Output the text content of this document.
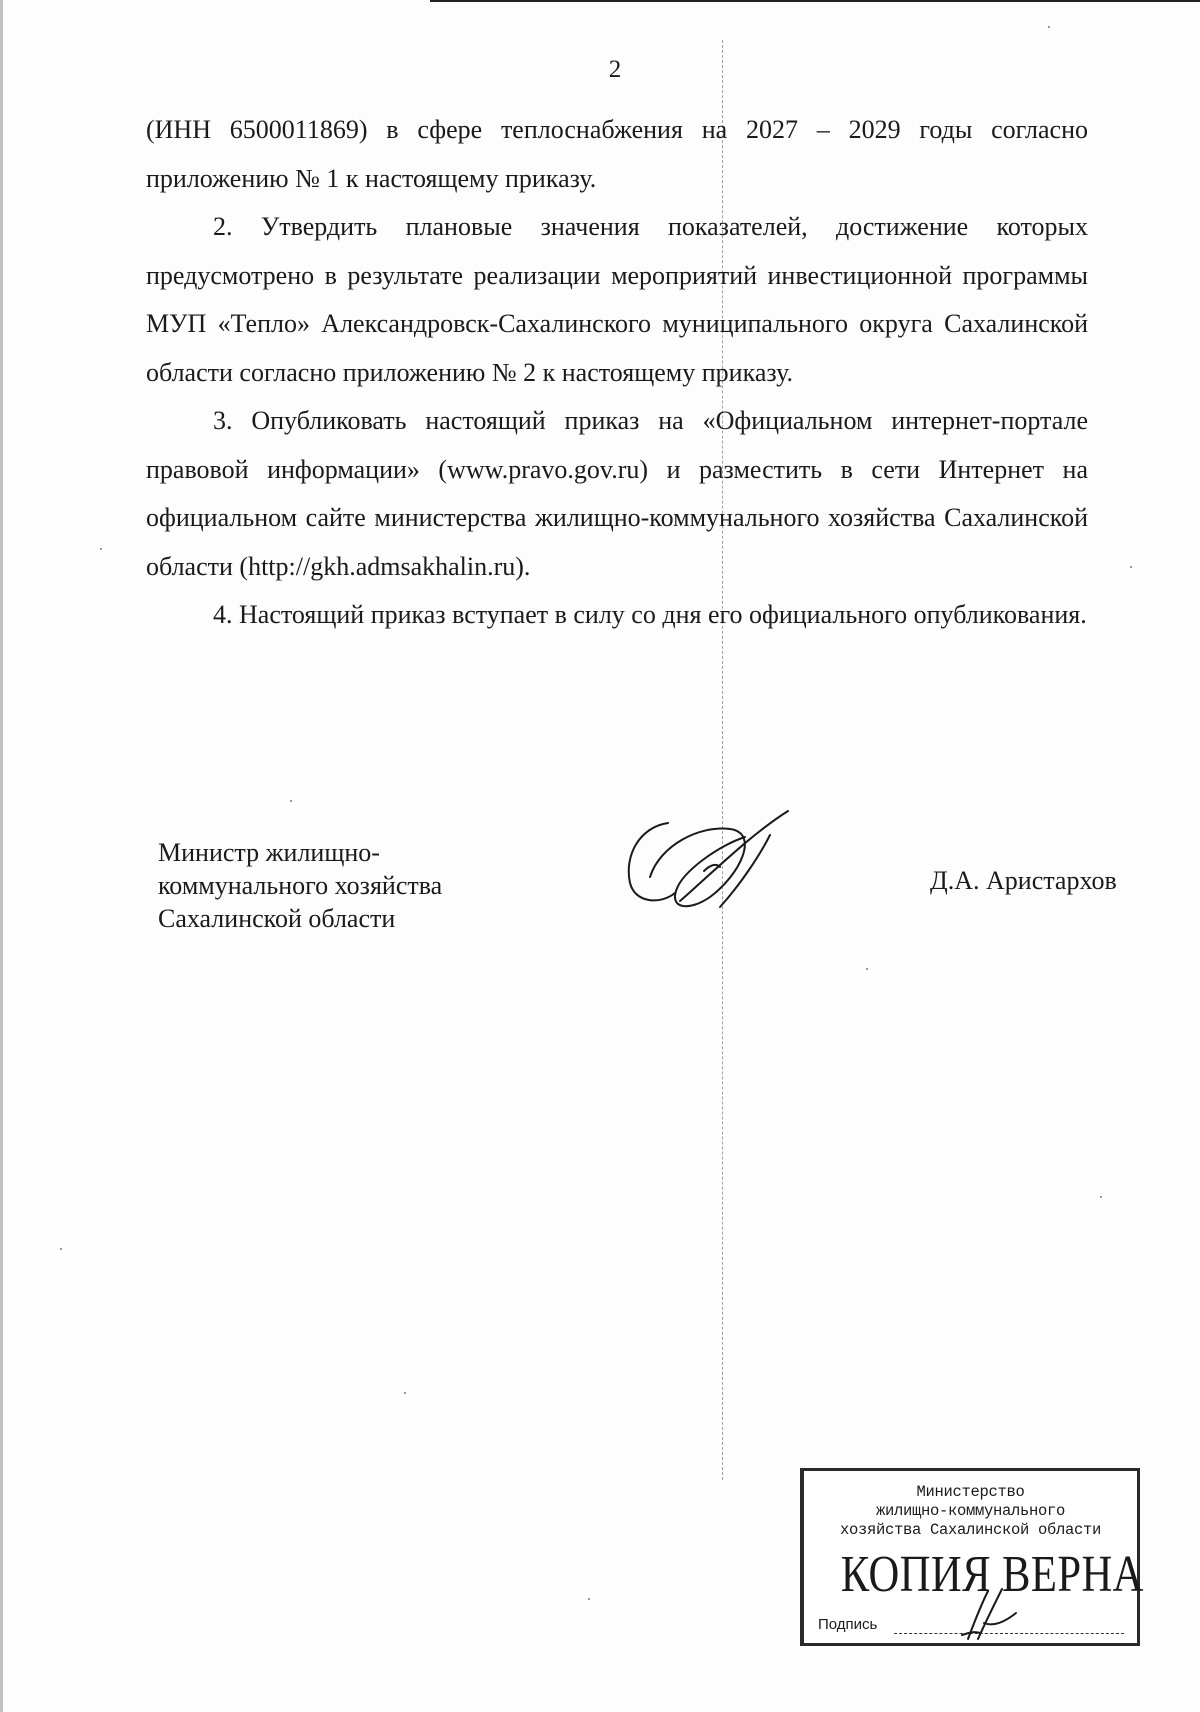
2

(ИНН 6500011869) в сфере теплоснабжения на 2027 – 2029 годы согласно приложению № 1 к настоящему приказу.

2. Утвердить плановые значения показателей, достижение которых предусмотрено в результате реализации мероприятий инвестиционной программы МУП «Тепло» Александровск-Сахалинского муниципального округа Сахалинской области согласно приложению № 2 к настоящему приказу.

3. Опубликовать настоящий приказ на «Официальном интернет-портале правовой информации» (www.pravo.gov.ru) и разместить в сети Интернет на официальном сайте министерства жилищно-коммунального хозяйства Сахалинской области (http://gkh.admsakhalin.ru).

4. Настоящий приказ вступает в силу со дня его официального опубликования.

Министр жилищно-
коммунального хозяйства
Сахалинской области
Д.А. Аристархов
Министерство
жилищно-коммунального
хозяйства Сахалинской области
КОПИЯ ВЕРНА
Подпись
